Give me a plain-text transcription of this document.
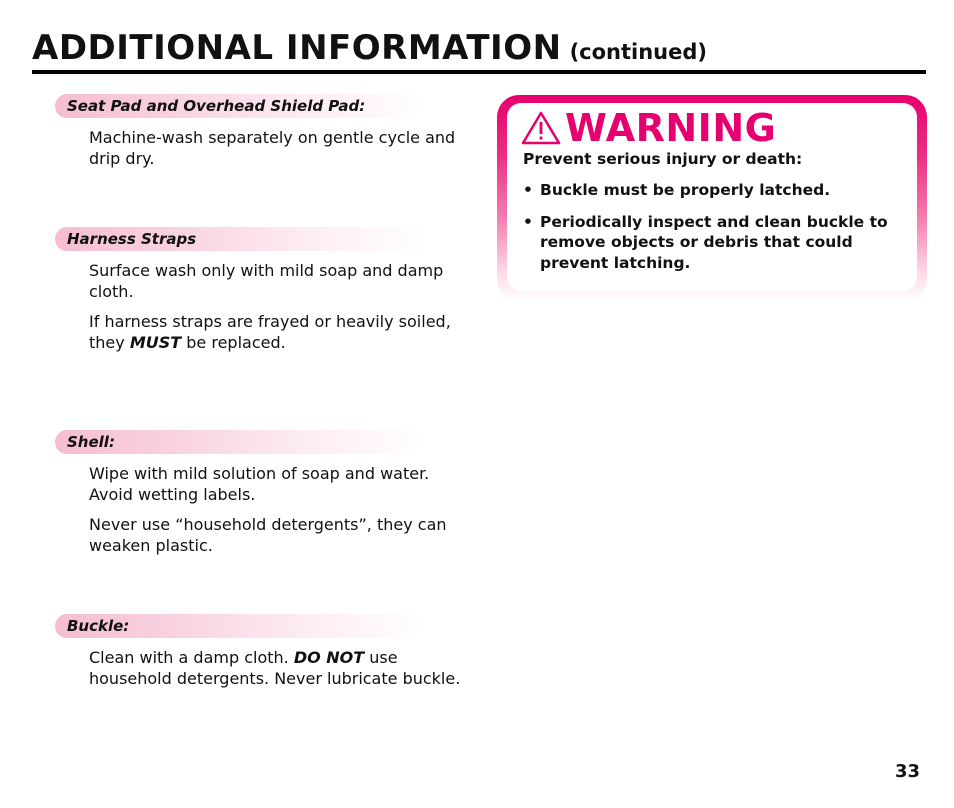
ADDITIONAL INFORMATION (continued)
Seat Pad and Overhead Shield Pad:

Machine-wash separately on gentle cycle and drip dry.

Harness Straps

Surface wash only with mild soap and damp cloth.

If harness straps are frayed or heavily soiled, they MUST be replaced.

Shell:

Wipe with mild solution of soap and water. Avoid wetting labels.

Never use “household detergents”, they can weaken plastic.

Buckle:

Clean with a damp cloth. DO NOT use household detergents. Never lubricate buckle.

WARNING
Prevent serious injury or death:
• Buckle must be properly latched.
• Periodically inspect and clean buckle to remove objects or debris that could prevent latching.
33
